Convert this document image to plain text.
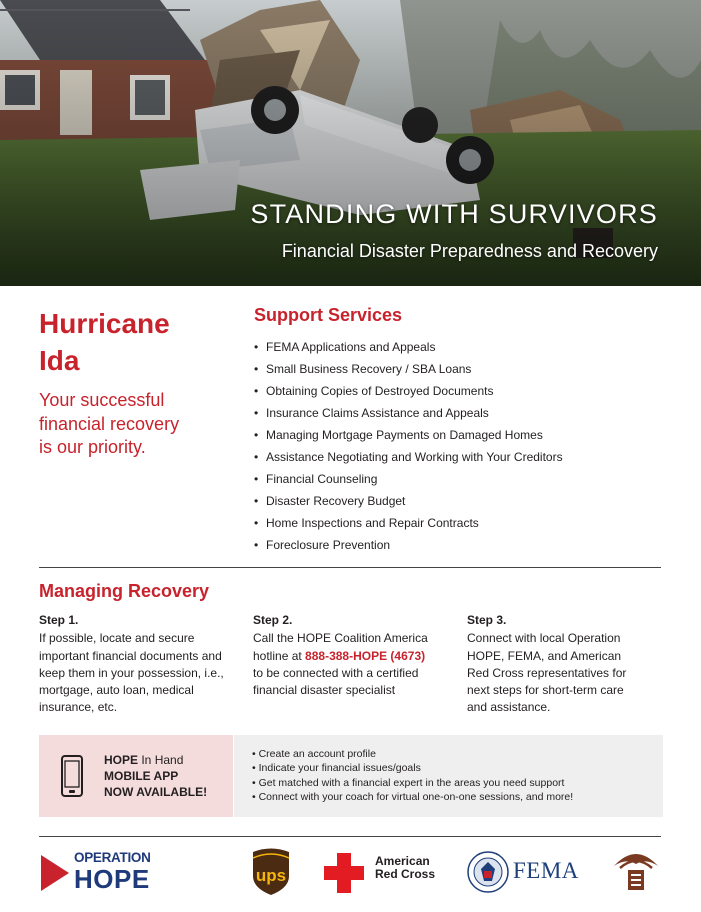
STANDING WITH SURVIVORS
Financial Disaster Preparedness and Recovery
Hurricane
Ida
Your successful
financial recovery
is our priority.
Support Services
• FEMA Applications and Appeals
• Small Business Recovery / SBA Loans
• Obtaining Copies of Destroyed Documents
• Insurance Claims Assistance and Appeals
• Managing Mortgage Payments on Damaged Homes
• Assistance Negotiating and Working with Your Creditors
• Financial Counseling
• Disaster Recovery Budget
• Home Inspections and Repair Contracts
• Foreclosure Prevention
Managing Recovery
Step 1.
If possible, locate and secure important financial documents and keep them in your possession, i.e., mortgage, auto loan, medical insurance, etc.
Step 2.
Call the HOPE Coalition America hotline at 888-388-HOPE (4673) to be connected with a certified financial disaster specialist
Step 3.
Connect with local Operation HOPE, FEMA, and American Red Cross representatives for next steps for short-term care and assistance.
HOPE In Hand
MOBILE APP
NOW AVAILABLE!
• Create an account profile
• Indicate your financial issues/goals
• Get matched with a financial expert in the areas you need support
• Connect with your coach for virtual one-on-one sessions, and more!
OPERATION
HOPE	ups
American
Red Cross	FEMA
